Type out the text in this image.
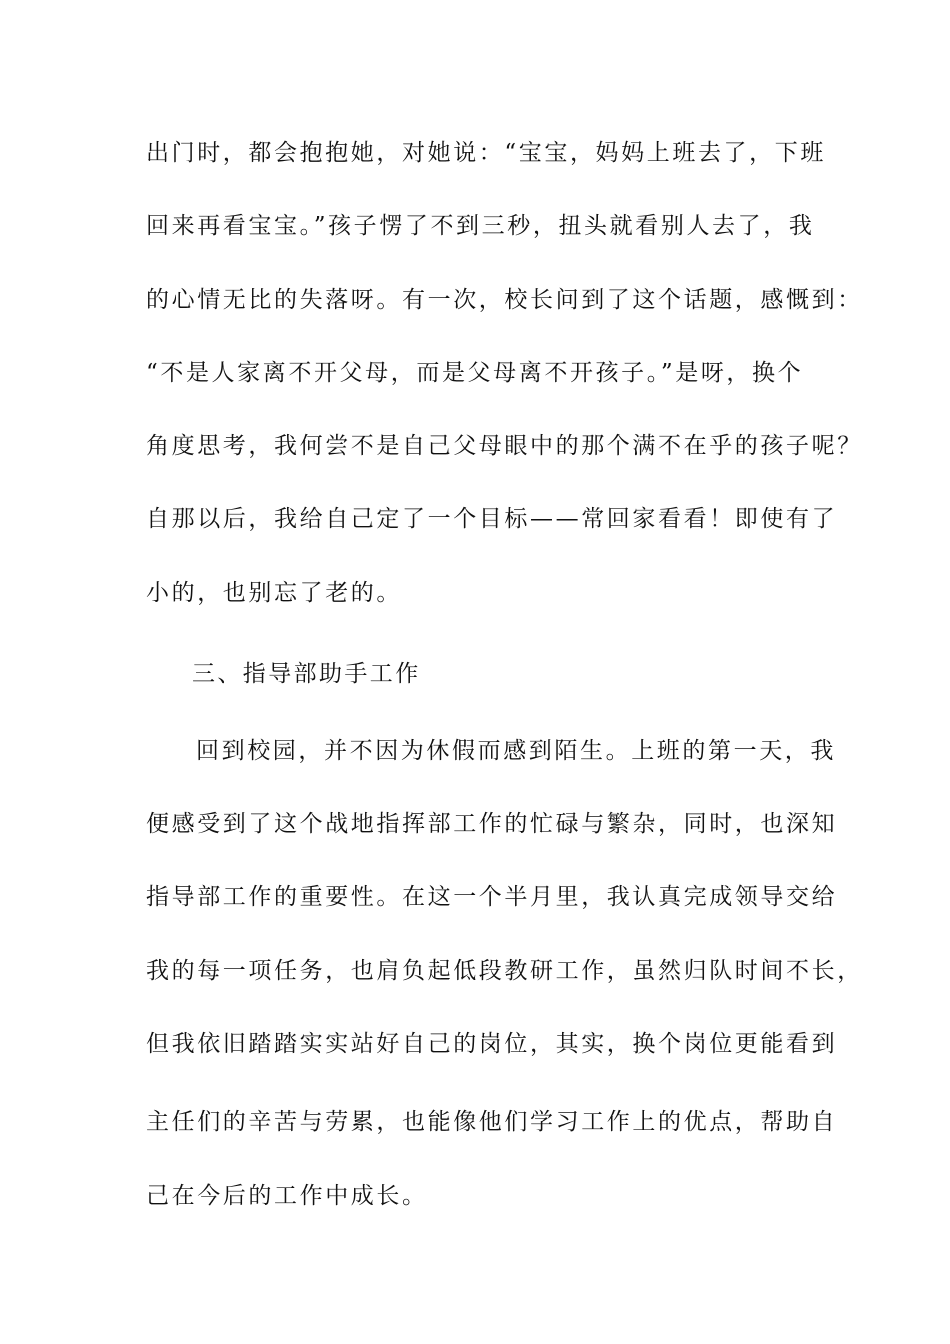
出门时，都会抱抱她，对她说：“宝宝，妈妈上班去了，下班
回来再看宝宝。”孩子愣了不到三秒，扭头就看别人去了，我
的心情无比的失落呀。有一次，校长问到了这个话题，感慨到：
“不是人家离不开父母，而是父母离不开孩子。”是呀，换个
角度思考，我何尝不是自己父母眼中的那个满不在乎的孩子呢？
自那以后，我给自己定了一个目标——常回家看看！即使有了
小的，也别忘了老的。
三、指导部助手工作
回到校园，并不因为休假而感到陌生。上班的第一天，我
便感受到了这个战地指挥部工作的忙碌与繁杂，同时，也深知
指导部工作的重要性。在这一个半月里，我认真完成领导交给
我的每一项任务，也肩负起低段教研工作，虽然归队时间不长，
但我依旧踏踏实实站好自己的岗位，其实，换个岗位更能看到
主任们的辛苦与劳累，也能像他们学习工作上的优点，帮助自
己在今后的工作中成长。
